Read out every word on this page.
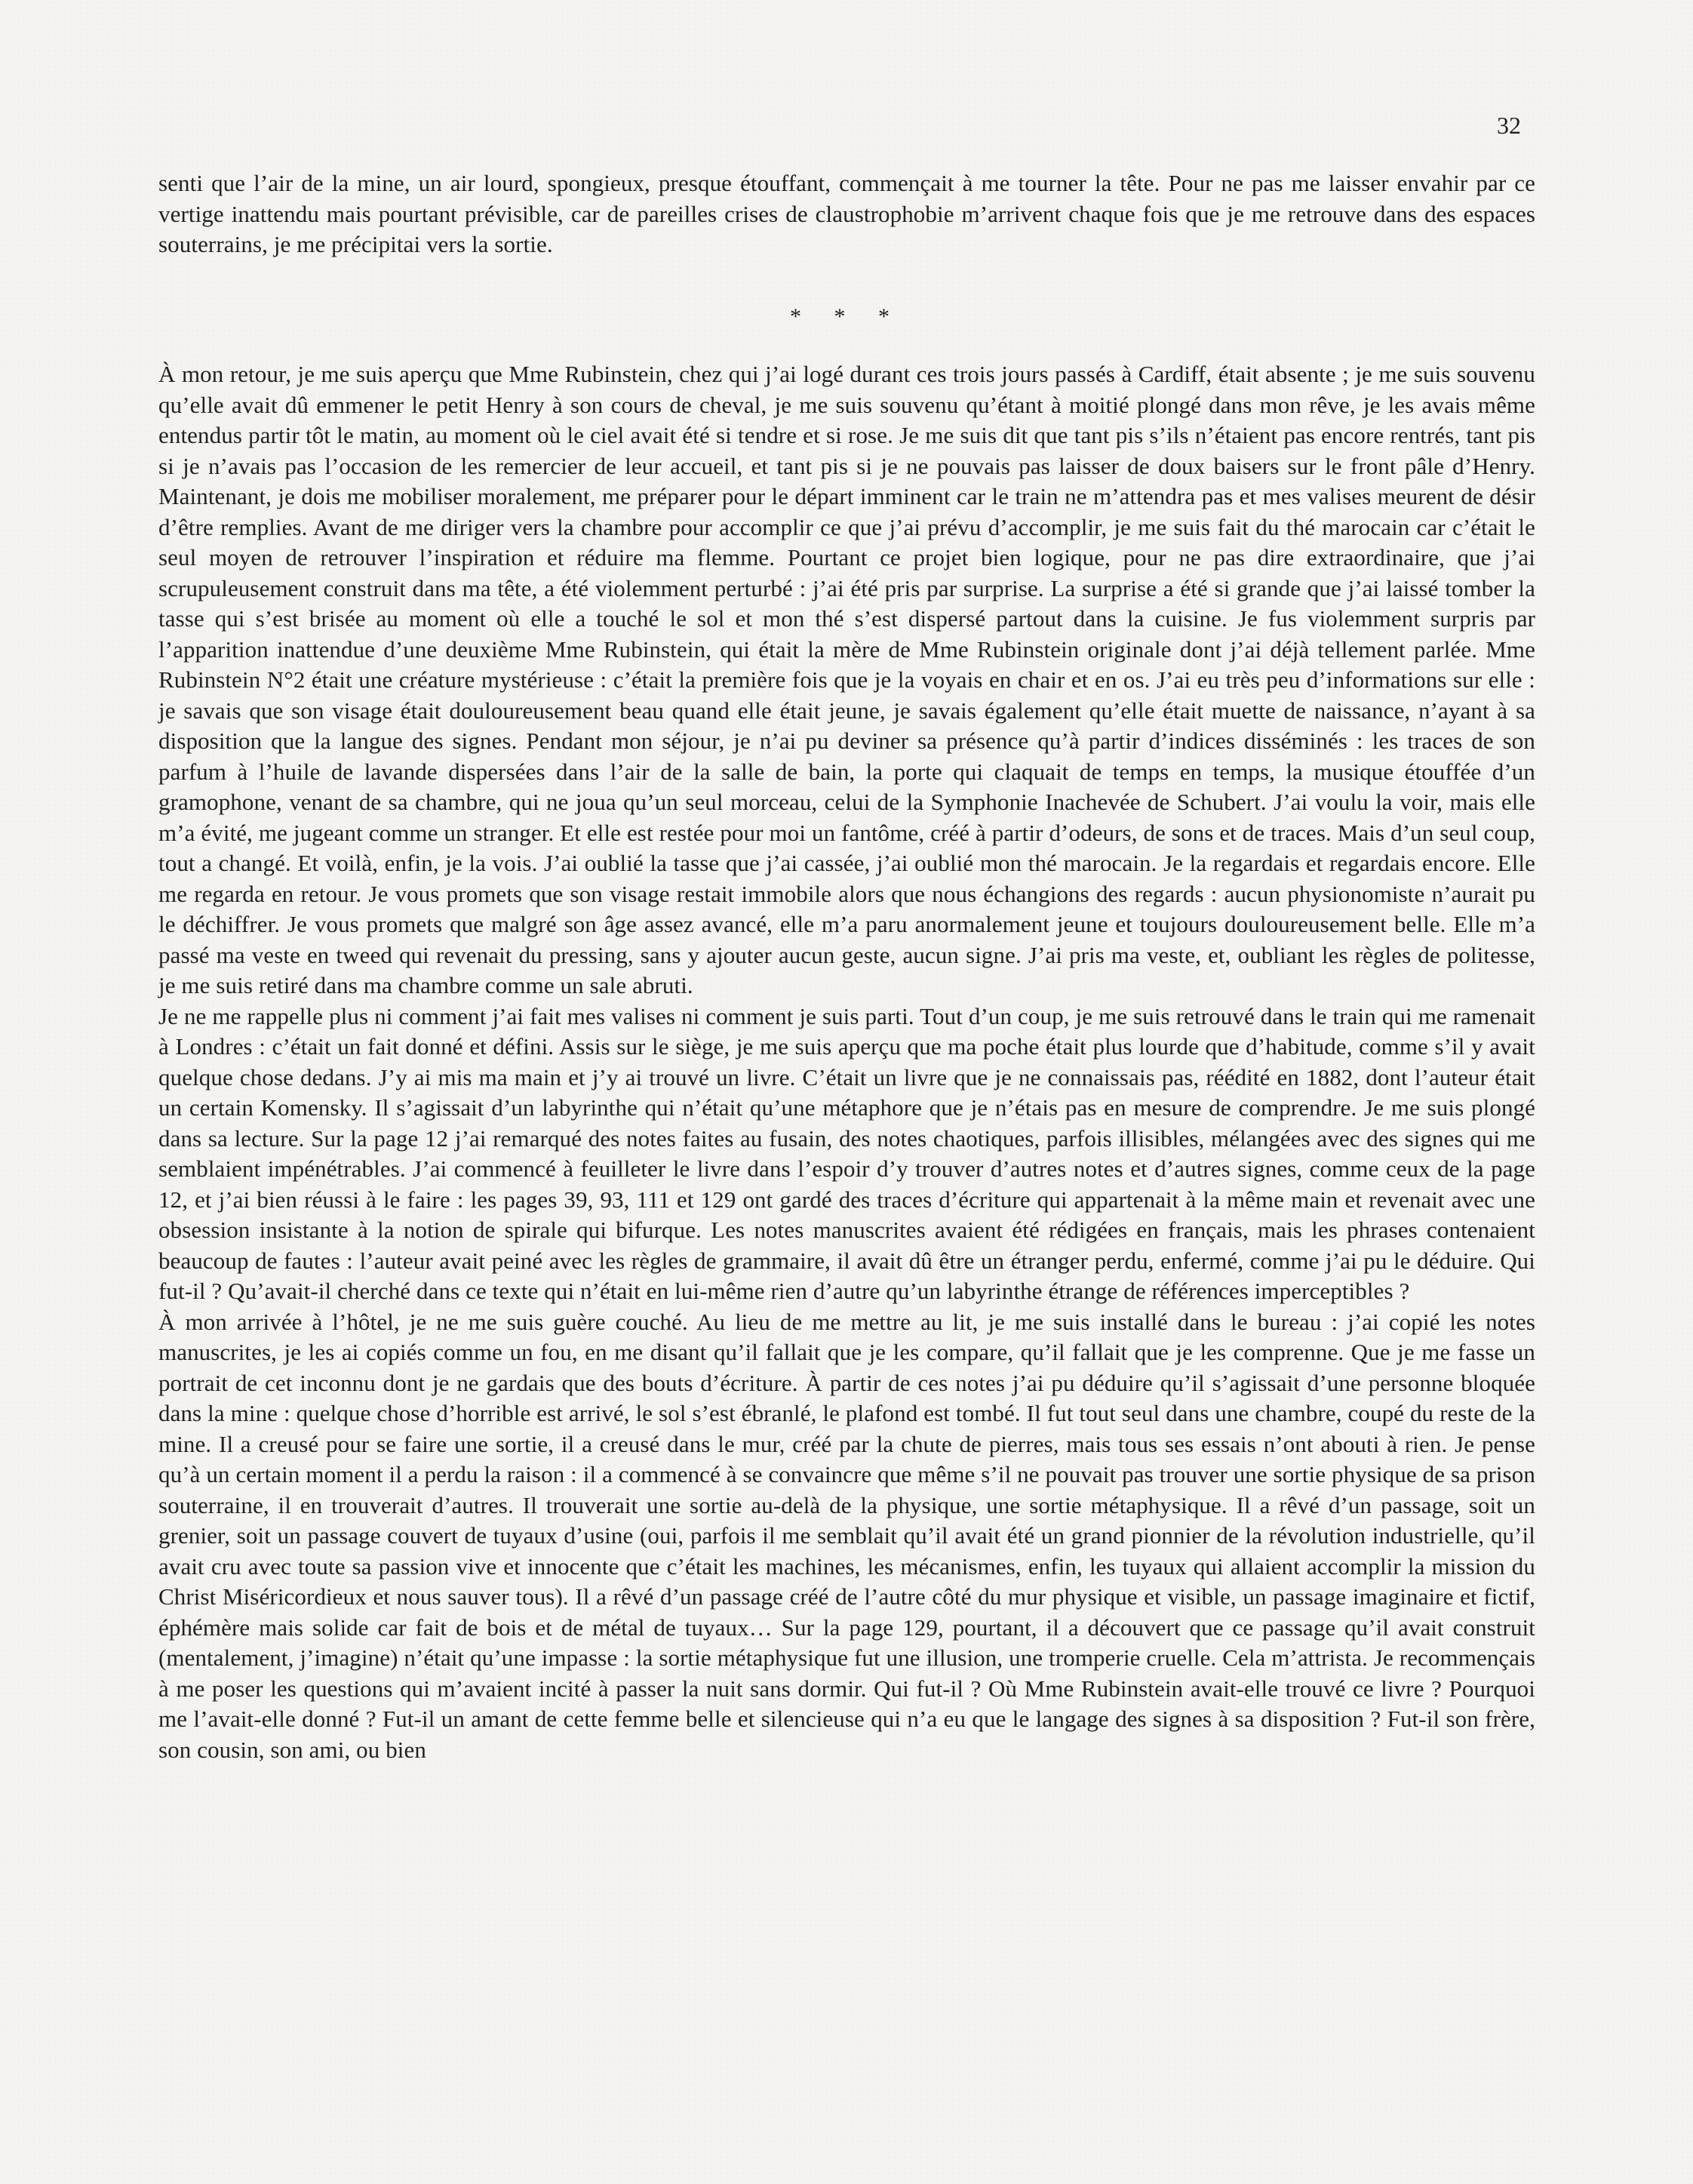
32

senti que l’air de la mine, un air lourd, spongieux, presque étouffant, commençait à me tourner la tête. Pour ne pas me laisser envahir par ce vertige inattendu mais pourtant prévisible, car de pareilles crises de claustrophobie m’arrivent chaque fois que je me retrouve dans des espaces souterrains, je me précipitai vers la sortie.

* * *

À mon retour, je me suis aperçu que Mme Rubinstein, chez qui j’ai logé durant ces trois jours passés à Cardiff, était absente ; je me suis souvenu qu’elle avait dû emmener le petit Henry à son cours de cheval, je me suis souvenu qu’étant à moitié plongé dans mon rêve, je les avais même entendus partir tôt le matin, au moment où le ciel avait été si tendre et si rose. Je me suis dit que tant pis s’ils n’étaient pas encore rentrés, tant pis si je n’avais pas l’occasion de les remercier de leur accueil, et tant pis si je ne pouvais pas laisser de doux baisers sur le front pâle d’Henry. Maintenant, je dois me mobiliser moralement, me préparer pour le départ imminent car le train ne m’attendra pas et mes valises meurent de désir d’être remplies. Avant de me diriger vers la chambre pour accomplir ce que j’ai prévu d’accomplir, je me suis fait du thé marocain car c’était le seul moyen de retrouver l’inspiration et réduire ma flemme. Pourtant ce projet bien logique, pour ne pas dire extraordinaire, que j’ai scrupuleusement construit dans ma tête, a été violemment perturbé : j’ai été pris par surprise. La surprise a été si grande que j’ai laissé tomber la tasse qui s’est brisée au moment où elle a touché le sol et mon thé s’est dispersé partout dans la cuisine. Je fus violemment surpris par l’apparition inattendue d’une deuxième Mme Rubinstein, qui était la mère de Mme Rubinstein originale dont j’ai déjà tellement parlée. Mme Rubinstein N°2 était une créature mystérieuse : c’était la première fois que je la voyais en chair et en os. J’ai eu très peu d’informations sur elle : je savais que son visage était douloureusement beau quand elle était jeune, je savais également qu’elle était muette de naissance, n’ayant à sa disposition que la langue des signes. Pendant mon séjour, je n’ai pu deviner sa présence qu’à partir d’indices disséminés : les traces de son parfum à l’huile de lavande dispersées dans l’air de la salle de bain, la porte qui claquait de temps en temps, la musique étouffée d’un gramophone, venant de sa chambre, qui ne joua qu’un seul morceau, celui de la Symphonie Inachevée de Schubert. J’ai voulu la voir, mais elle m’a évité, me jugeant comme un stranger. Et elle est restée pour moi un fantôme, créé à partir d’odeurs, de sons et de traces. Mais d’un seul coup, tout a changé. Et voilà, enfin, je la vois. J’ai oublié la tasse que j’ai cassée, j’ai oublié mon thé marocain. Je la regardais et regardais encore. Elle me regarda en retour. Je vous promets que son visage restait immobile alors que nous échangions des regards : aucun physionomiste n’aurait pu le déchiffrer. Je vous promets que malgré son âge assez avancé, elle m’a paru anormalement jeune et toujours douloureusement belle. Elle m’a passé ma veste en tweed qui revenait du pressing, sans y ajouter aucun geste, aucun signe. J’ai pris ma veste, et, oubliant les règles de politesse, je me suis retiré dans ma chambre comme un sale abruti.

Je ne me rappelle plus ni comment j’ai fait mes valises ni comment je suis parti. Tout d’un coup, je me suis retrouvé dans le train qui me ramenait à Londres : c’était un fait donné et défini. Assis sur le siège, je me suis aperçu que ma poche était plus lourde que d’habitude, comme s’il y avait quelque chose dedans. J’y ai mis ma main et j’y ai trouvé un livre. C’était un livre que je ne connaissais pas, réédité en 1882, dont l’auteur était un certain Komensky. Il s’agissait d’un labyrinthe qui n’était qu’une métaphore que je n’étais pas en mesure de comprendre. Je me suis plongé dans sa lecture. Sur la page 12 j’ai remarqué des notes faites au fusain, des notes chaotiques, parfois illisibles, mélangées avec des signes qui me semblaient impénétrables. J’ai commencé à feuilleter le livre dans l’espoir d’y trouver d’autres notes et d’autres signes, comme ceux de la page 12, et j’ai bien réussi à le faire : les pages 39, 93, 111 et 129 ont gardé des traces d’écriture qui appartenait à la même main et revenait avec une obsession insistante à la notion de spirale qui bifurque. Les notes manuscrites avaient été rédigées en français, mais les phrases contenaient beaucoup de fautes : l’auteur avait peiné avec les règles de grammaire, il avait dû être un étranger perdu, enfermé, comme j’ai pu le déduire. Qui fut-il ? Qu’avait-il cherché dans ce texte qui n’était en lui-même rien d’autre qu’un labyrinthe étrange de références imperceptibles ?

À mon arrivée à l’hôtel, je ne me suis guère couché. Au lieu de me mettre au lit, je me suis installé dans le bureau : j’ai copié les notes manuscrites, je les ai copiés comme un fou, en me disant qu’il fallait que je les compare, qu’il fallait que je les comprenne. Que je me fasse un portrait de cet inconnu dont je ne gardais que des bouts d’écriture. À partir de ces notes j’ai pu déduire qu’il s’agissait d’une personne bloquée dans la mine : quelque chose d’horrible est arrivé, le sol s’est ébranlé, le plafond est tombé. Il fut tout seul dans une chambre, coupé du reste de la mine. Il a creusé pour se faire une sortie, il a creusé dans le mur, créé par la chute de pierres, mais tous ses essais n’ont abouti à rien. Je pense qu’à un certain moment il a perdu la raison : il a commencé à se convaincre que même s’il ne pouvait pas trouver une sortie physique de sa prison souterraine, il en trouverait d’autres. Il trouverait une sortie au-delà de la physique, une sortie métaphysique. Il a rêvé d’un passage, soit un grenier, soit un passage couvert de tuyaux d’usine (oui, parfois il me semblait qu’il avait été un grand pionnier de la révolution industrielle, qu’il avait cru avec toute sa passion vive et innocente que c’était les machines, les mécanismes, enfin, les tuyaux qui allaient accomplir la mission du Christ Miséricordieux et nous sauver tous). Il a rêvé d’un passage créé de l’autre côté du mur physique et visible, un passage imaginaire et fictif, éphémère mais solide car fait de bois et de métal de tuyaux… Sur la page 129, pourtant, il a découvert que ce passage qu’il avait construit (mentalement, j’imagine) n’était qu’une impasse : la sortie métaphysique fut une illusion, une tromperie cruelle. Cela m’attrista. Je recommençais à me poser les questions qui m’avaient incité à passer la nuit sans dormir. Qui fut-il ? Où Mme Rubinstein avait-elle trouvé ce livre ? Pourquoi me l’avait-elle donné ? Fut-il un amant de cette femme belle et silencieuse qui n’a eu que le langage des signes à sa disposition ? Fut-il son frère, son cousin, son ami, ou bien
